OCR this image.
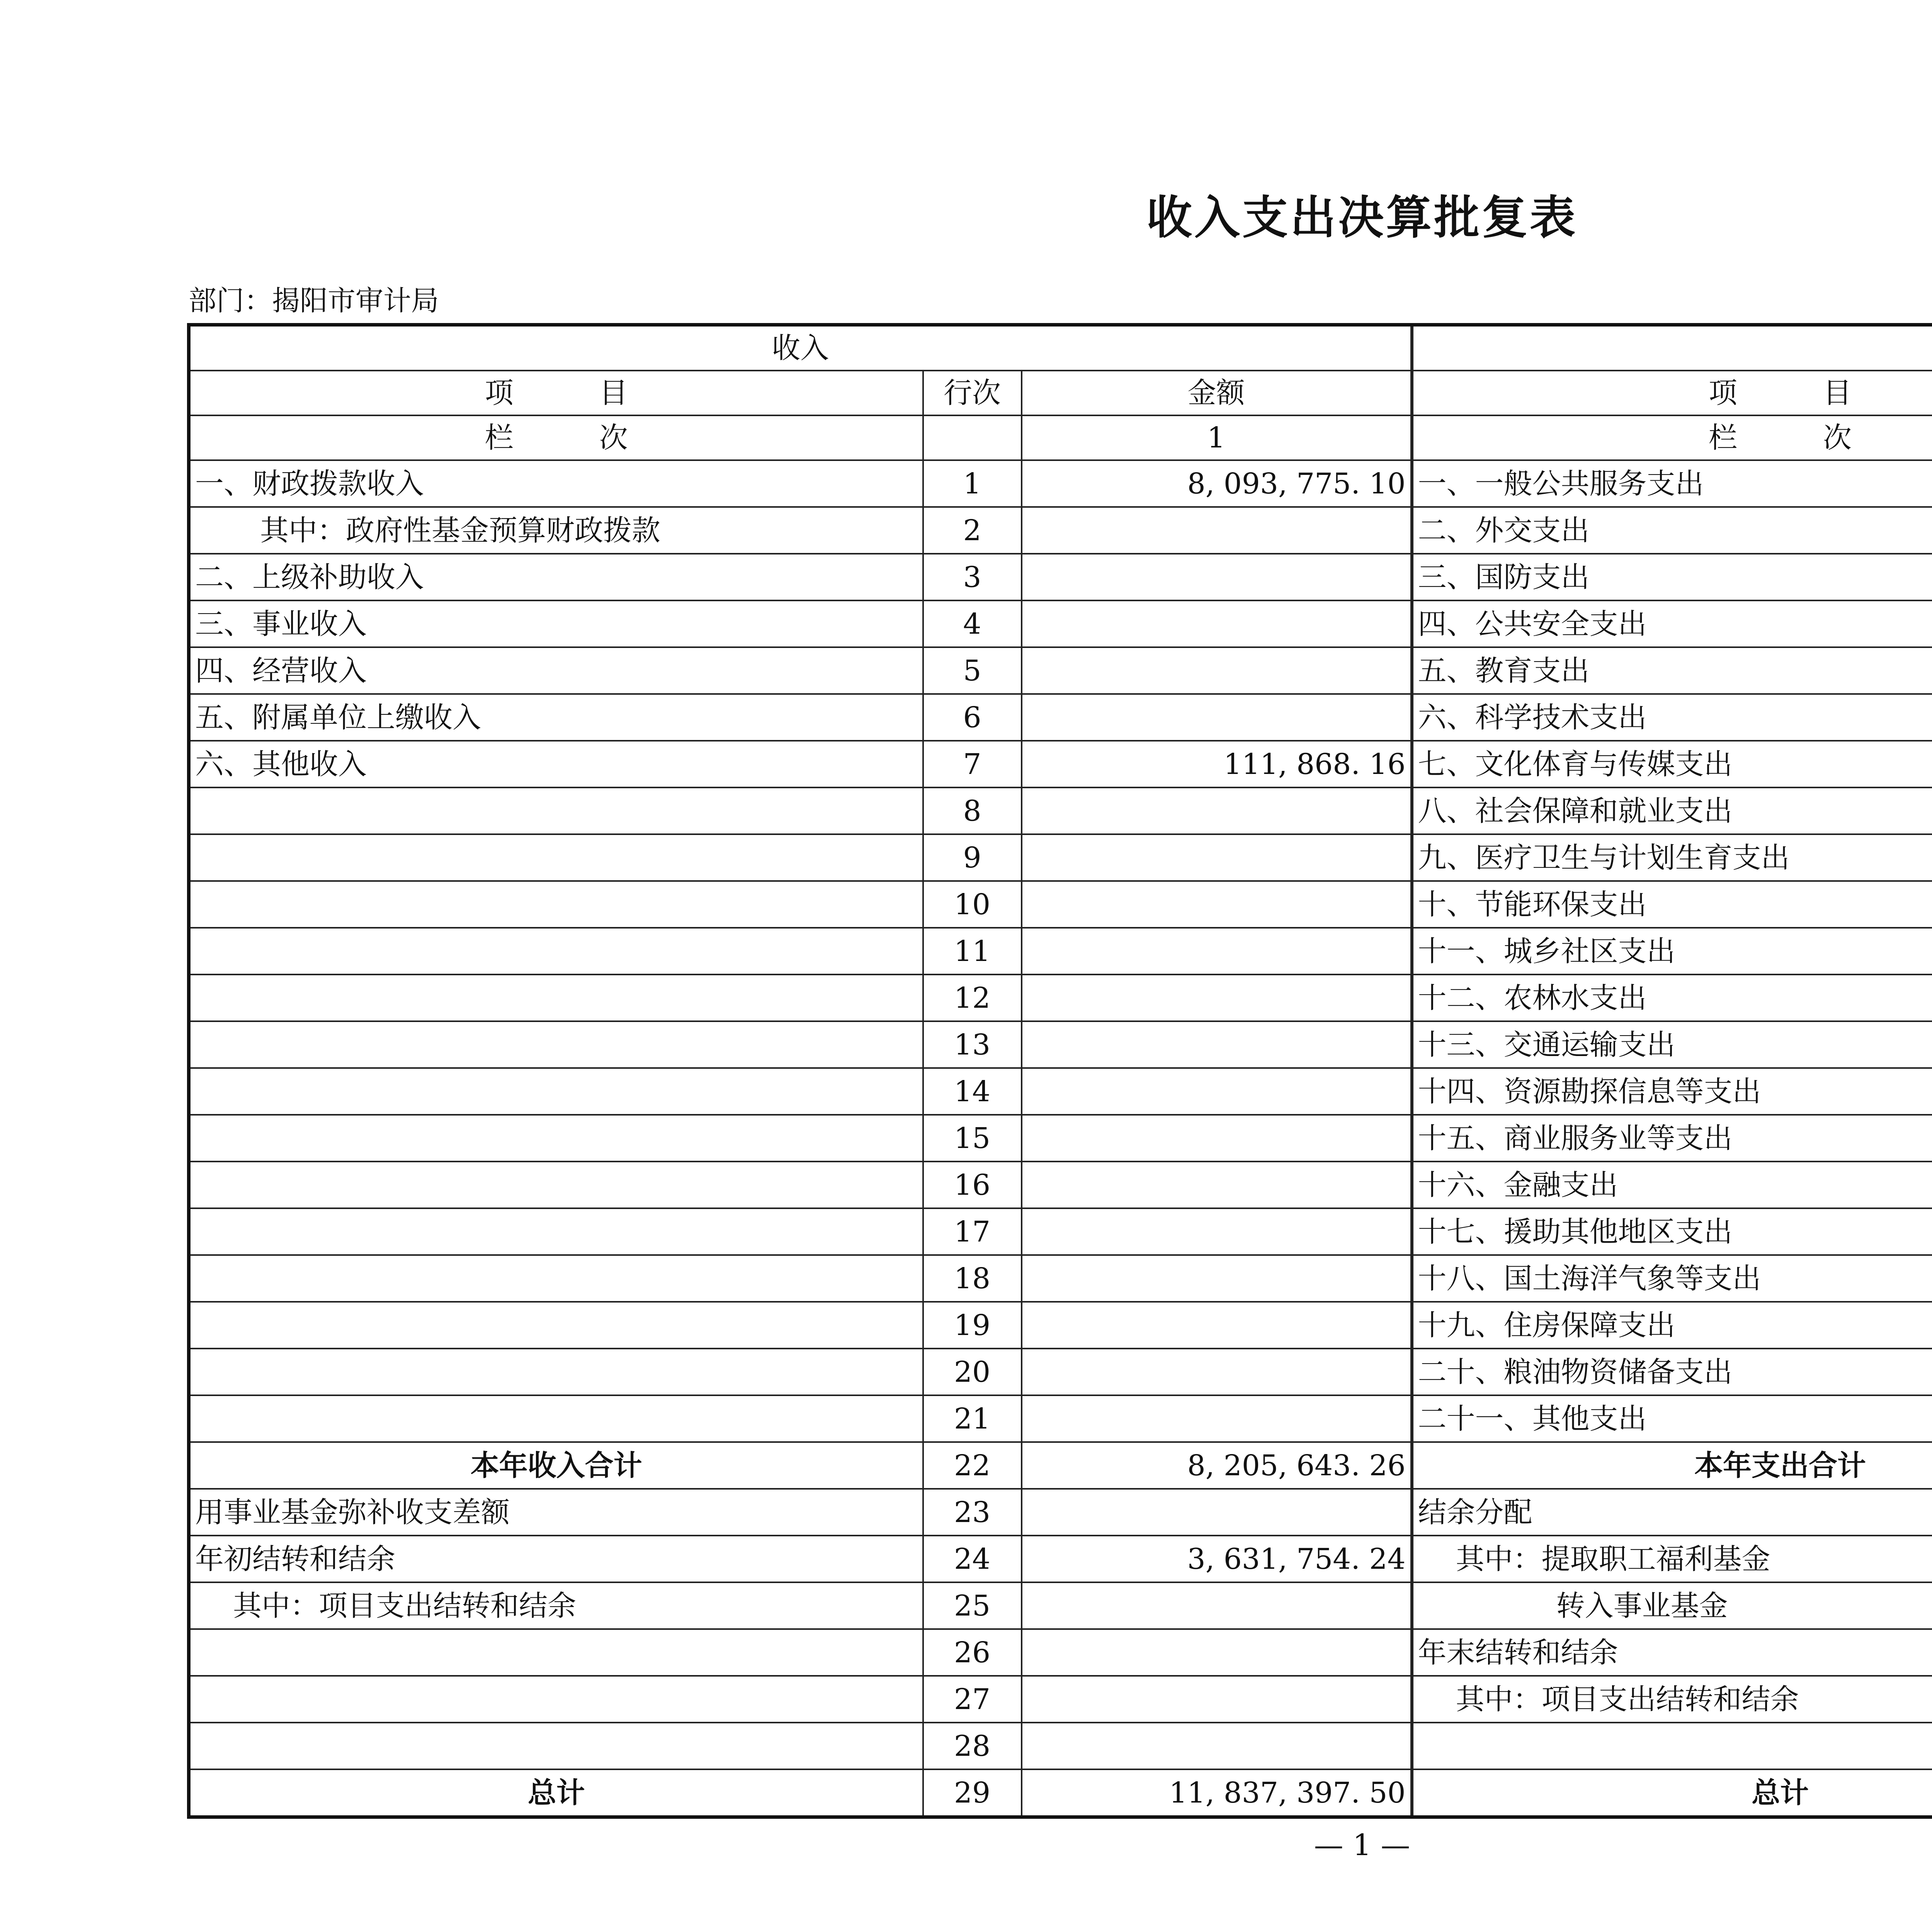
收入支出决算批复表
部门：揭阳市审计局
收入	
项　　　目	行次	金额	项　　　目		
栏　　　次		1	栏　　　次		
一、财政拨款收入	1	8, 093, 775. 10	一、一般公共服务支出		
其中：政府性基金预算财政拨款	2		二、外交支出		
二、上级补助收入	3		三、国防支出		
三、事业收入	4		四、公共安全支出		
四、经营收入	5		五、教育支出		
五、附属单位上缴收入	6		六、科学技术支出		
六、其他收入	7	111, 868. 16	七、文化体育与传媒支出		
	8		八、社会保障和就业支出		
	9		九、医疗卫生与计划生育支出		
	10		十、节能环保支出		
	11		十一、城乡社区支出		
	12		十二、农林水支出		
	13		十三、交通运输支出		
	14		十四、资源勘探信息等支出		
	15		十五、商业服务业等支出		
	16		十六、金融支出		
	17		十七、援助其他地区支出		
	18		十八、国土海洋气象等支出		
	19		十九、住房保障支出		
	20		二十、粮油物资储备支出		
	21		二十一、其他支出		
本年收入合计	22	8, 205, 643. 26	本年支出合计		
用事业基金弥补收支差额	23		结余分配		
年初结转和结余	24	3, 631, 754. 24	其中：提取职工福利基金		
其中：项目支出结转和结余	25		转入事业基金		
	26		年末结转和结余		
	27		其中：项目支出结转和结余		
	28				
总计	29	11, 837, 397. 50	总计		
— 1 —
